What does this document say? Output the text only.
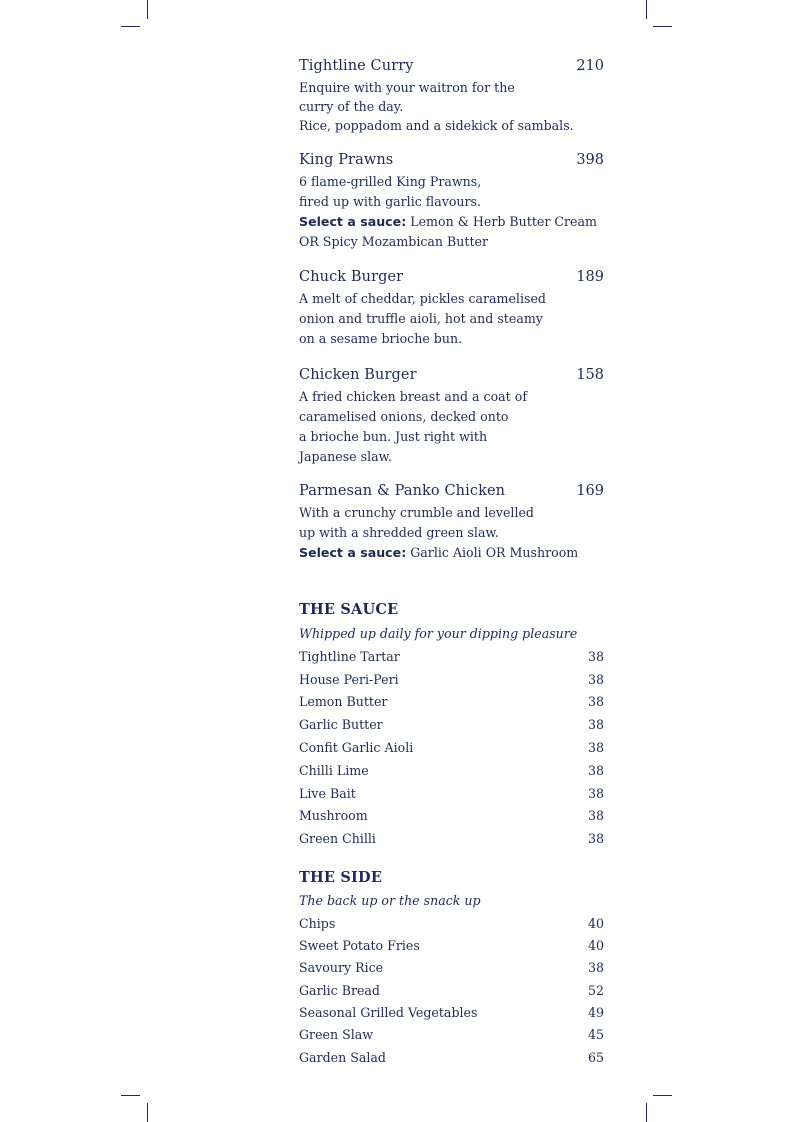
Tightline Curry	210
Enquire with your waitron for the
curry of the day.
Rice, poppadom and a sidekick of sambals.
King Prawns	398
6 flame-grilled King Prawns,
fired up with garlic flavours.
Select a sauce: Lemon & Herb Butter Cream
OR Spicy Mozambican Butter
Chuck Burger	189
A melt of cheddar, pickles caramelised
onion and truffle aioli, hot and steamy
on a sesame brioche bun.
Chicken Burger	158
A fried chicken breast and a coat of
caramelised onions, decked onto
a brioche bun. Just right with
Japanese slaw.
Parmesan & Panko Chicken	169
With a crunchy crumble and levelled
up with a shredded green slaw.
Select a sauce: Garlic Aioli OR Mushroom
THE SAUCE
Whipped up daily for your dipping pleasure
Tightline Tartar	38
House Peri-Peri	38
Lemon Butter	38
Garlic Butter	38
Confit Garlic Aioli	38
Chilli Lime	38
Live Bait	38
Mushroom	38
Green Chilli	38
THE SIDE
The back up or the snack up
Chips	40
Sweet Potato Fries	40
Savoury Rice	38
Garlic Bread	52
Seasonal Grilled Vegetables	49
Green Slaw	45
Garden Salad	65
